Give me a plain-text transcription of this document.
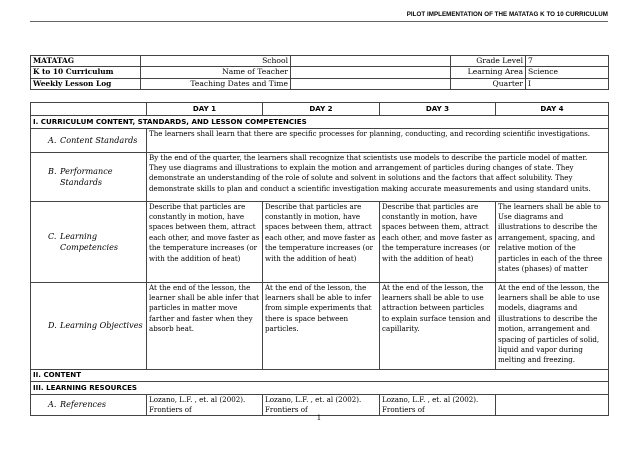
PILOT IMPLEMENTATION OF THE MATATAG K TO 10 CURRICULUM
MATATAG	School		Grade Level	7
K to 10 Curriculum	Name of Teacher		Learning Area	Science
Weekly Lesson Log	Teaching Dates and Time		Quarter	I
	DAY 1	DAY 2	DAY 3	DAY 4
I. CURRICULUM CONTENT, STANDARDS, AND LESSON COMPETENCIES				

A. Content Standards	The learners shall learn that there are specific processes for planning, conducting, and recording scientific investigations.			

B. Performance Standards	By the end of the quarter, the learners shall recognize that scientists use models to describe the particle model of matter. They use diagrams and illustrations to explain the motion and arrangement of particles during changes of state. They demonstrate an understanding of the role of solute and solvent in solutions and the factors that affect solubility. They demonstrate skills to plan and conduct a scientific investigation making accurate measurements and using standard units.			

C. Learning Competencies	Describe that particles are constantly in motion, have spaces between them, attract each other, and move faster as the temperature increases (or with the addition of heat)	Describe that particles are constantly in motion, have spaces between them, attract each other, and move faster as the temperature increases (or with the addition of heat)	Describe that particles are constantly in motion, have spaces between them, attract each other, and move faster as the temperature increases (or with the addition of heat)	The learners shall be able to Use diagrams and illustrations to describe the arrangement, spacing, and relative motion of the particles in each of the three states (phases) of matter

D. Learning Objectives	At the end of the lesson, the learner shall be able infer that particles in matter move farther and faster when they absorb heat.	At the end of the lesson, the learners shall be able to infer from simple experiments that there is space between particles.	At the end of the lesson, the learners shall be able to use attraction between particles to explain surface tension and capillarity.	At the end of the lesson, the learners shall be able to use models, diagrams and illustrations to describe the motion, arrangement and spacing of particles of solid, liquid and vapor during melting and freezing.
II. CONTENT				
III. LEARNING RESOURCES				

A. References	Lozano, L.F. , et. al (2002). Frontiers of	Lozano, L.F. , et. al (2002). Frontiers of	Lozano, L.F. , et. al (2002). Frontiers of	
1
